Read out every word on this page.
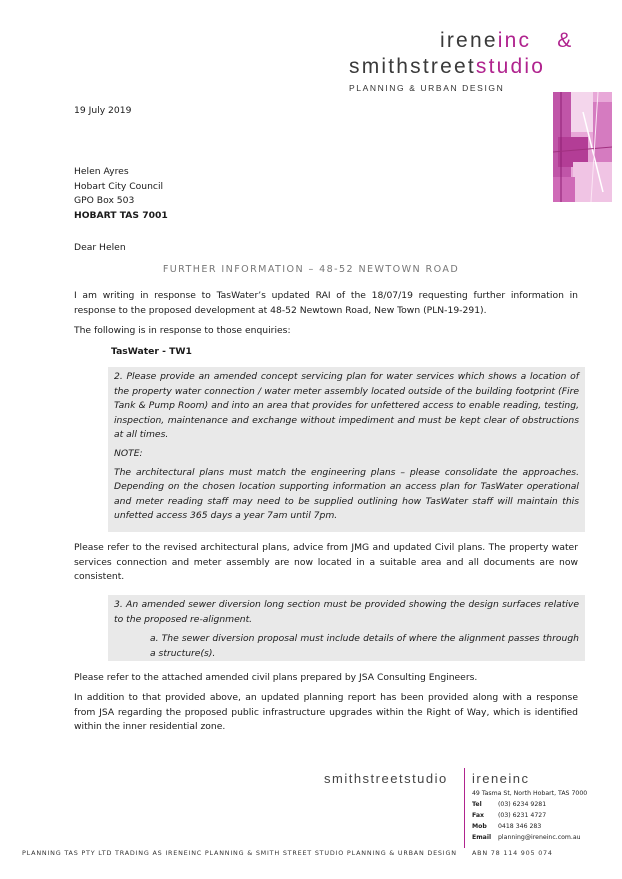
ireneinc &
smithstreetstudio
PLANNING & URBAN DESIGN
19 July 2019
Helen Ayres
Hobart City Council
GPO Box 503
HOBART TAS 7001
Dear Helen
FURTHER INFORMATION – 48-52 NEWTOWN ROAD
I am writing in response to TasWater’s updated RAI of the 18/07/19 requesting further information in response to the proposed development at 48-52 Newtown Road, New Town (PLN-19-291).
The following is in response to those enquiries:
TasWater - TW1

2. Please provide an amended concept servicing plan for water services which shows a location of the property water connection / water meter assembly located outside of the building footprint (Fire Tank & Pump Room) and into an area that provides for unfettered access to enable reading, testing, inspection, maintenance and exchange without impediment and must be kept clear of obstructions at all times.

NOTE:

The architectural plans must match the engineering plans – please consolidate the approaches. Depending on the chosen location supporting information an access plan for TasWater operational and meter reading staff may need to be supplied outlining how TasWater staff will maintain this unfetted access 365 days a year 7am until 7pm.

Please refer to the revised architectural plans, advice from JMG and updated Civil plans. The property water services connection and meter assembly are now located in a suitable area and all documents are now consistent.

3. An amended sewer diversion long section must be provided showing the design surfaces relative to the proposed re-alignment.

a. The sewer diversion proposal must include details of where the alignment passes through a structure(s).

Please refer to the attached amended civil plans prepared by JSA Consulting Engineers.
In addition to that provided above, an updated planning report has been provided along with a response from JSA regarding the proposed public infrastructure upgrades within the Right of Way, which is identified within the inner residential zone.
smithstreetstudio ireneinc
49 Tasma St, North Hobart, TAS 7000
Tel	(03) 6234 9281
Fax (03) 6231 4727
Mob 0418 346 283
Email planning@ireneinc.com.au
PLANNING TAS PTY LTD TRADING AS IRENEINC PLANNING & SMITH STREET STUDIO PLANNING & URBAN DESIGN ABN 78 114 905 074
